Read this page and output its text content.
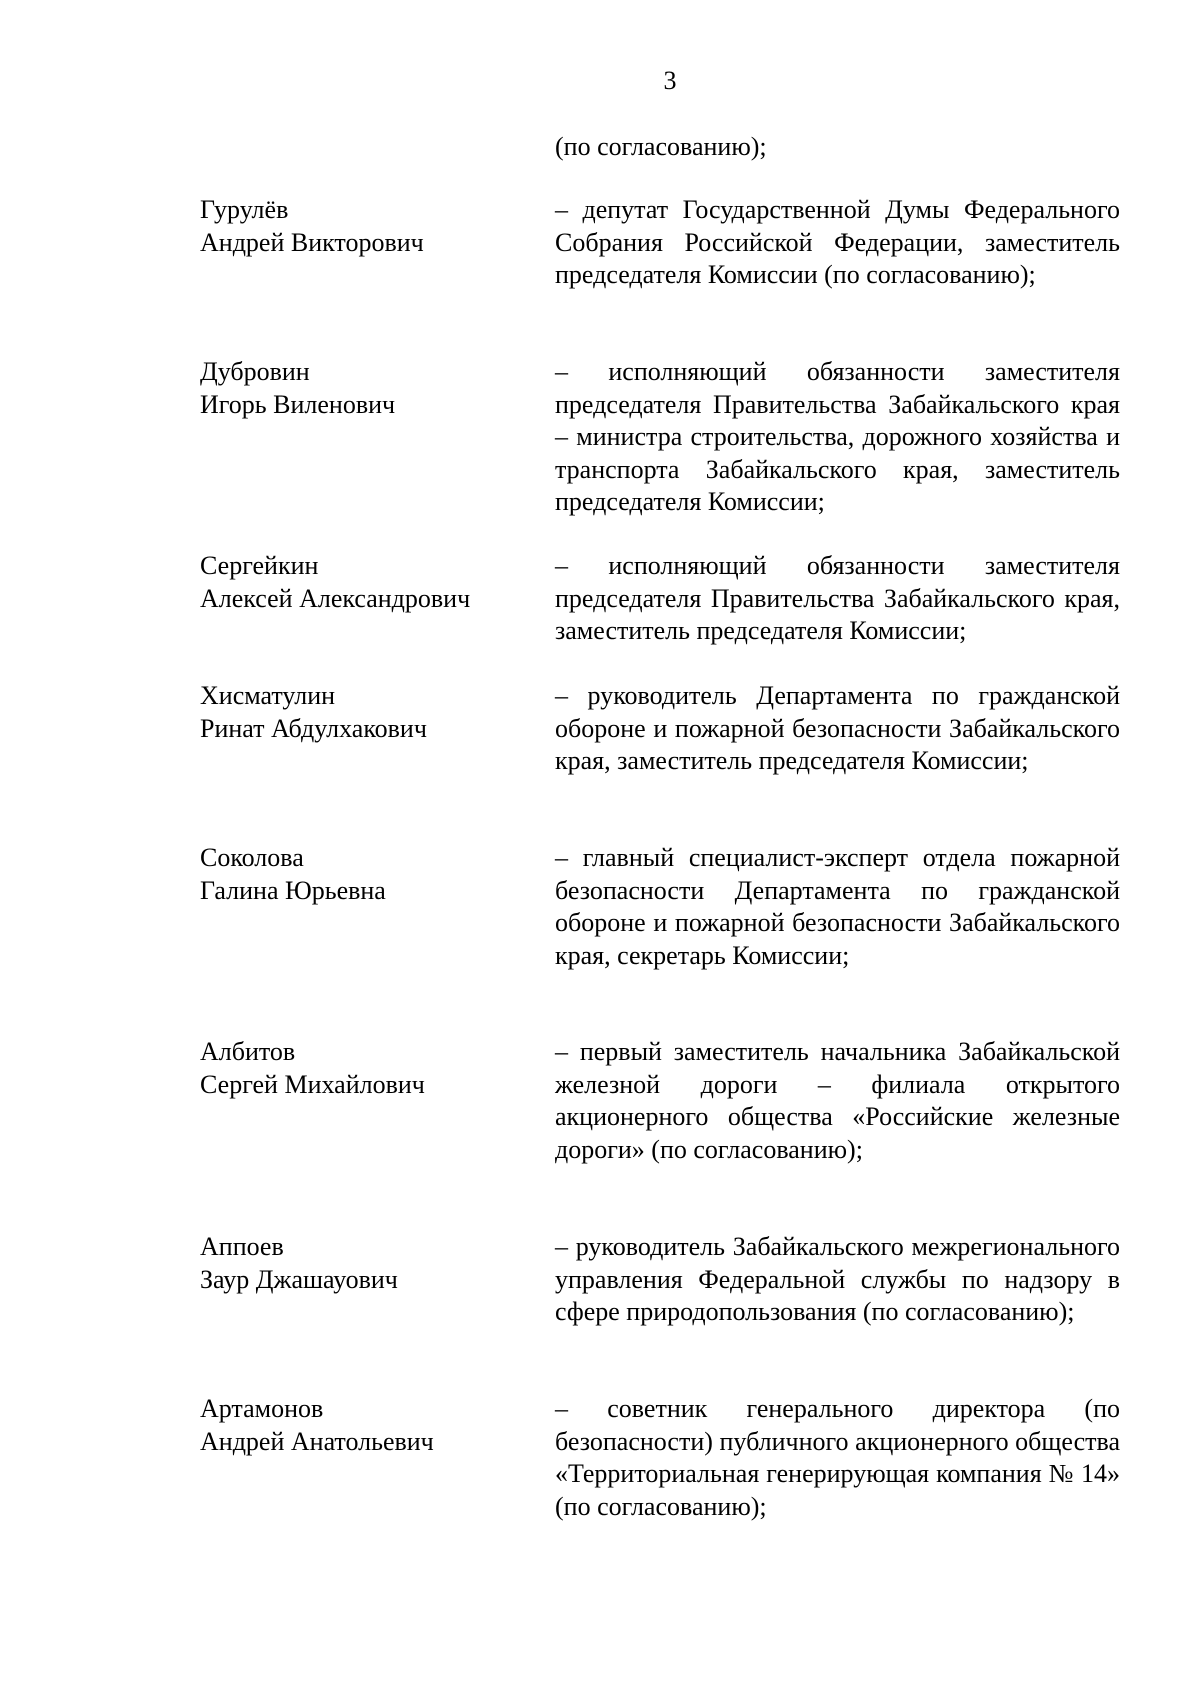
3
(по согласованию);
Гурулёв
Андрей Викторович
– депутат Государственной Думы Федерального Собрания Российской Федерации, заместитель председателя Комиссии (по согласованию);
Дубровин
Игорь Виленович
– исполняющий обязанности заместителя председателя Правительства Забайкальского края – министра строительства, дорожного хозяйства и транспорта Забайкальского края, заместитель председателя Комиссии;
Сергейкин
Алексей Александрович
– исполняющий обязанности заместителя председателя Правительства Забайкальского края, заместитель председателя Комиссии;
Хисматулин
Ринат Абдулхакович
– руководитель Департамента по гражданской обороне и пожарной безопасности Забайкальского края, заместитель председателя Комиссии;
Соколова
Галина Юрьевна
– главный специалист-эксперт отдела пожарной безопасности Департамента по гражданской обороне и пожарной безопасности Забайкальского края, секретарь Комиссии;
Албитов
Сергей Михайлович
– первый заместитель начальника Забайкальской железной дороги – филиала открытого акционерного общества «Российские железные дороги» (по согласованию);
Аппоев
Заур Джашауович
– руководитель Забайкальского межрегионального управления Федеральной службы по надзору в сфере природопользования (по согласованию);
Артамонов
Андрей Анатольевич
– советник генерального директора (по безопасности) публичного акционерного общества «Территориальная генерирующая компания № 14» (по согласованию);
